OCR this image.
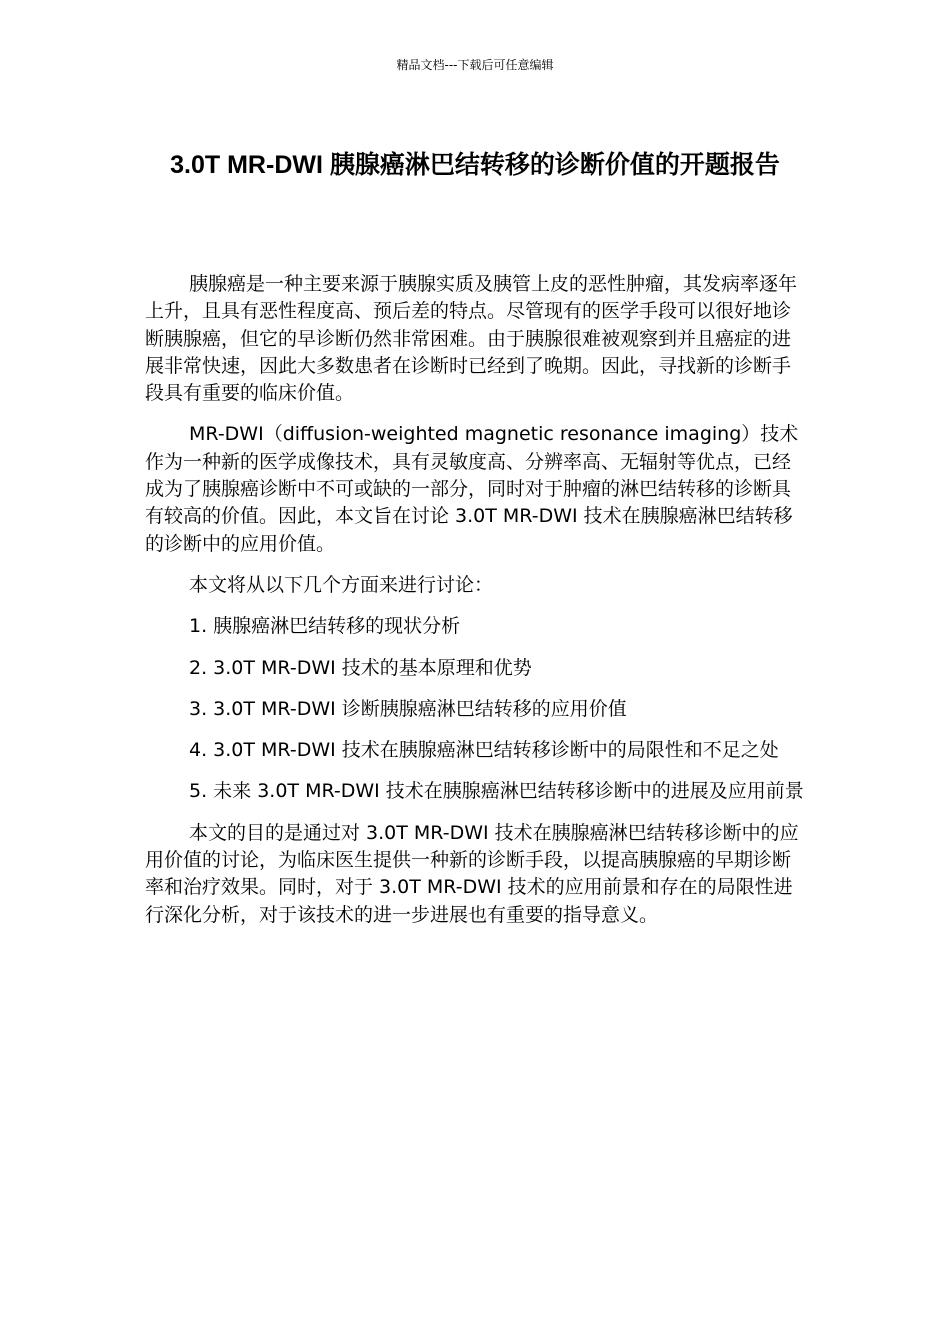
精品文档---下载后可任意编辑
3.0T MR-DWI 胰腺癌淋巴结转移的诊断价值的开题报告

胰腺癌是一种主要来源于胰腺实质及胰管上皮的恶性肿瘤，其发病率逐年上升，且具有恶性程度高、预后差的特点。尽管现有的医学手段可以很好地诊断胰腺癌，但它的早诊断仍然非常困难。由于胰腺很难被观察到并且癌症的进展非常快速，因此大多数患者在诊断时已经到了晚期。因此，寻找新的诊断手段具有重要的临床价值。

MR-DWI（diffusion-weighted magnetic resonance imaging）技术作为一种新的医学成像技术，具有灵敏度高、分辨率高、无辐射等优点，已经成为了胰腺癌诊断中不可或缺的一部分，同时对于肿瘤的淋巴结转移的诊断具有较高的价值。因此，本文旨在讨论 3.0T MR-DWI 技术在胰腺癌淋巴结转移的诊断中的应用价值。

本文将从以下几个方面来进行讨论：

1. 胰腺癌淋巴结转移的现状分析

2. 3.0T MR-DWI 技术的基本原理和优势

3. 3.0T MR-DWI 诊断胰腺癌淋巴结转移的应用价值

4. 3.0T MR-DWI 技术在胰腺癌淋巴结转移诊断中的局限性和不足之处

5. 未来 3.0T MR-DWI 技术在胰腺癌淋巴结转移诊断中的进展及应用前景

本文的目的是通过对 3.0T MR-DWI 技术在胰腺癌淋巴结转移诊断中的应用价值的讨论，为临床医生提供一种新的诊断手段，以提高胰腺癌的早期诊断率和治疗效果。同时，对于 3.0T MR-DWI 技术的应用前景和存在的局限性进行深化分析，对于该技术的进一步进展也有重要的指导意义。
